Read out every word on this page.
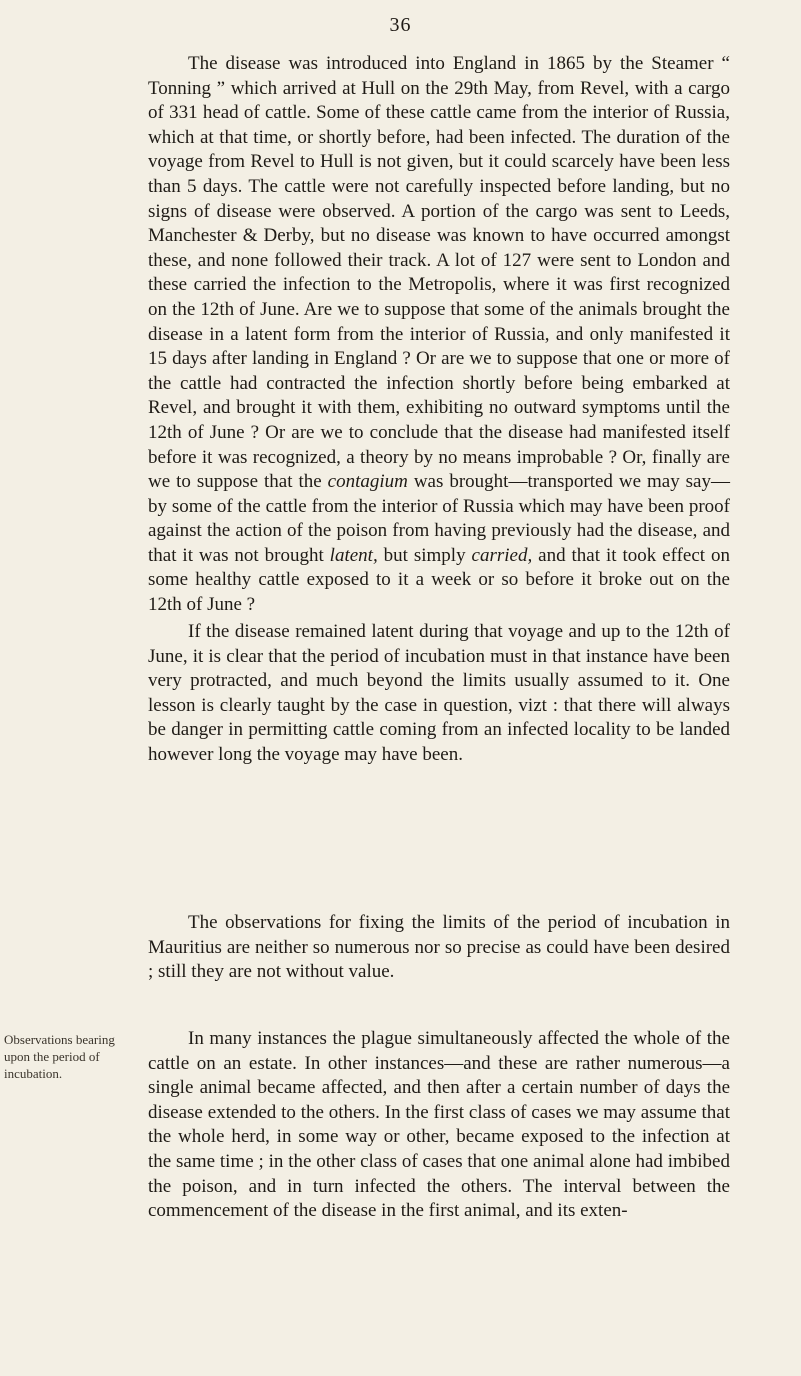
36
Observations bearing upon the period of incubation.

The disease was introduced into England in 1865 by the Steamer “ Tonning ” which arrived at Hull on the 29th May, from Revel, with a cargo of 331 head of cattle. Some of these cattle came from the interior of Russia, which at that time, or shortly before, had been infected. The duration of the voyage from Revel to Hull is not given, but it could scarcely have been less than 5 days. The cattle were not carefully inspected before landing, but no signs of disease were observed. A portion of the cargo was sent to Leeds, Manchester & Derby, but no disease was known to have occurred amongst these, and none followed their track. A lot of 127 were sent to London and these carried the infection to the Metropolis, where it was first recognized on the 12th of June. Are we to suppose that some of the animals brought the disease in a latent form from the interior of Russia, and only manifested it 15 days after landing in England ? Or are we to suppose that one or more of the cattle had contracted the infection shortly before being embarked at Revel, and brought it with them, exhibiting no outward symptoms until the 12th of June ? Or are we to conclude that the disease had manifested itself before it was recognized, a theory by no means improbable ? Or, finally are we to suppose that the contagium was brought—transported we may say—by some of the cattle from the interior of Russia which may have been proof against the action of the poison from having previously had the disease, and that it was not brought latent, but simply carried, and that it took effect on some healthy cattle exposed to it a week or so before it broke out on the 12th of June ?

If the disease remained latent during that voyage and up to the 12th of June, it is clear that the period of incubation must in that instance have been very protracted, and much beyond the limits usually assumed to it. One lesson is clearly taught by the case in question, vizt : that there will always be danger in permitting cattle coming from an infected locality to be landed however long the voyage may have been.

The observations for fixing the limits of the period of incubation in Mauritius are neither so numerous nor so precise as could have been desired ; still they are not without value.

In many instances the plague simultaneously affected the whole of the cattle on an estate. In other instances—and these are rather numerous—a single animal became affected, and then after a certain number of days the disease extended to the others. In the first class of cases we may assume that the whole herd, in some way or other, became exposed to the infection at the same time ; in the other class of cases that one animal alone had imbibed the poison, and in turn infected the others. The interval between the commencement of the disease in the first animal, and its exten-
